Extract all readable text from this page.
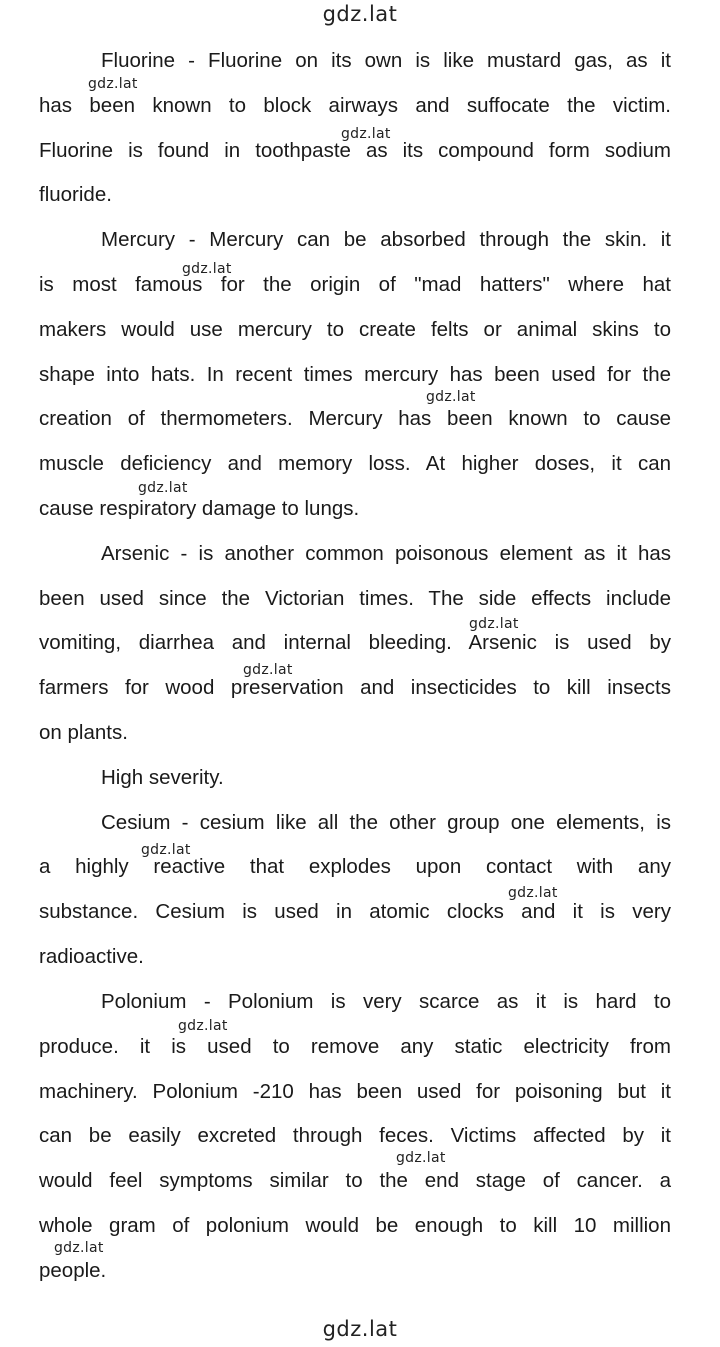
gdz.lat
Fluorine - Fluorine on its own is like mustard gas, as it
has been known to block airways and suffocate the victim.
Fluorine is found in toothpaste as its compound form sodium
fluoride.
Mercury - Mercury can be absorbed through the skin. it
is most famous for the origin of "mad hatters" where hat
makers would use mercury to create felts or animal skins to
shape into hats. In recent times mercury has been used for the
creation of thermometers. Mercury has been known to cause
muscle deficiency and memory loss. At higher doses, it can
cause respiratory damage to lungs.
Arsenic - is another common poisonous element as it has
been used since the Victorian times. The side effects include
vomiting, diarrhea and internal bleeding. Arsenic is used by
farmers for wood preservation and insecticides to kill insects
on plants.
High severity.
Cesium - cesium like all the other group one elements, is
a highly reactive that explodes upon contact with any
substance. Cesium is used in atomic clocks and it is very
radioactive.
Polonium - Polonium is very scarce as it is hard to
produce. it is used to remove any static electricity from
machinery. Polonium -210 has been used for poisoning but it
can be easily excreted through feces. Victims affected by it
would feel symptoms similar to the end stage of cancer. a
whole gram of polonium would be enough to kill 10 million
people.
gdz.lat
gdz.lat
gdz.lat
gdz.lat
gdz.lat
gdz.lat
gdz.lat
gdz.lat
gdz.lat
gdz.lat
gdz.lat
gdz.lat
gdz.lat
